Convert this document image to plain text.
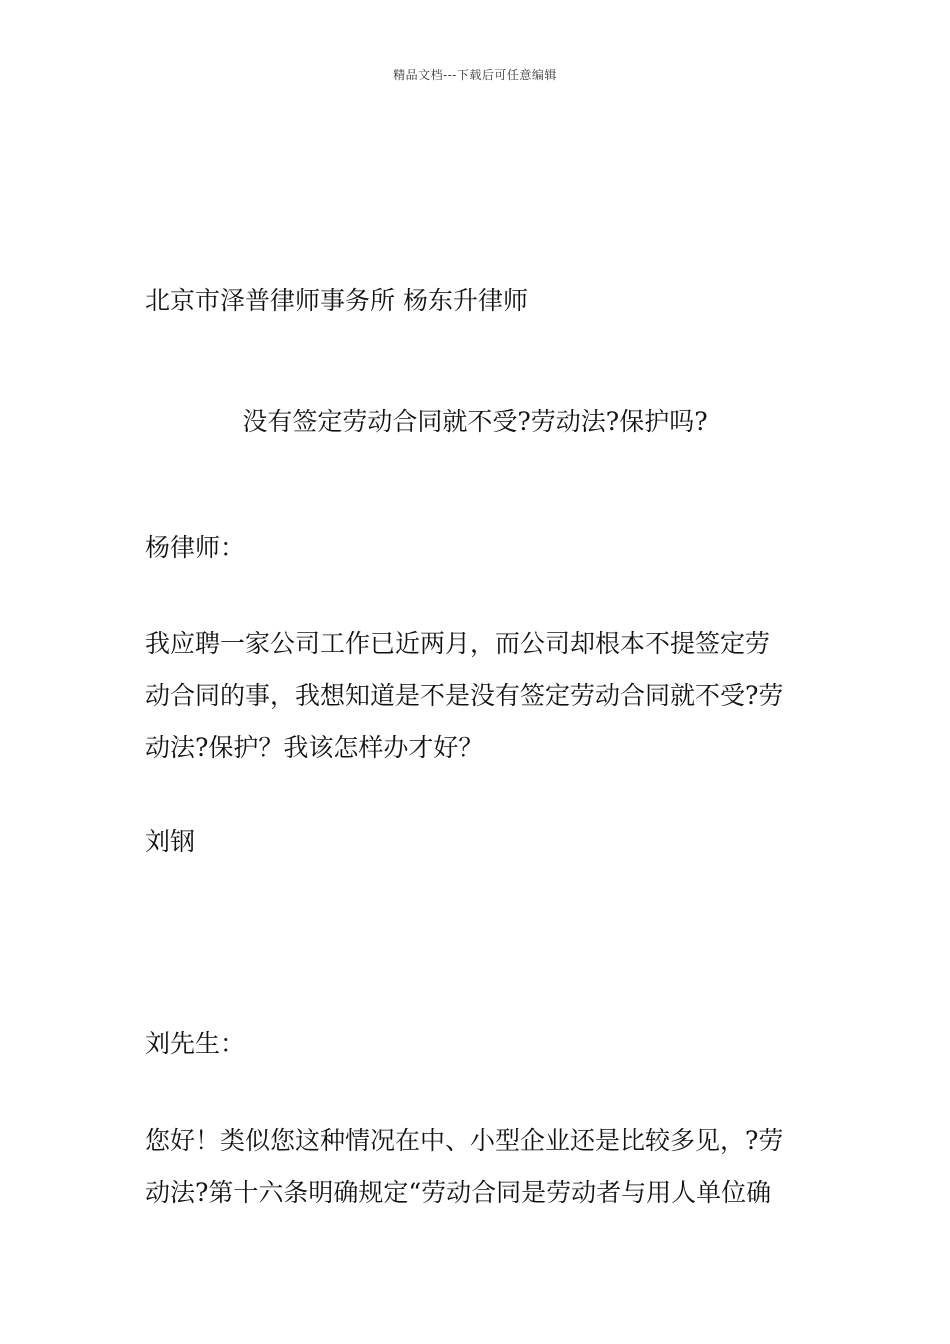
精品文档---下载后可任意编辑
北京市泽普律师事务所 杨东升律师
没有签定劳动合同就不受?劳动法?保护吗?
杨律师：
我应聘一家公司工作已近两月，而公司却根本不提签定劳
动合同的事，我想知道是不是没有签定劳动合同就不受?劳
动法?保护？我该怎样办才好？
刘钢
刘先生：
您好！类似您这种情况在中、小型企业还是比较多见，?劳
动法?第十六条明确规定“劳动合同是劳动者与用人单位确
